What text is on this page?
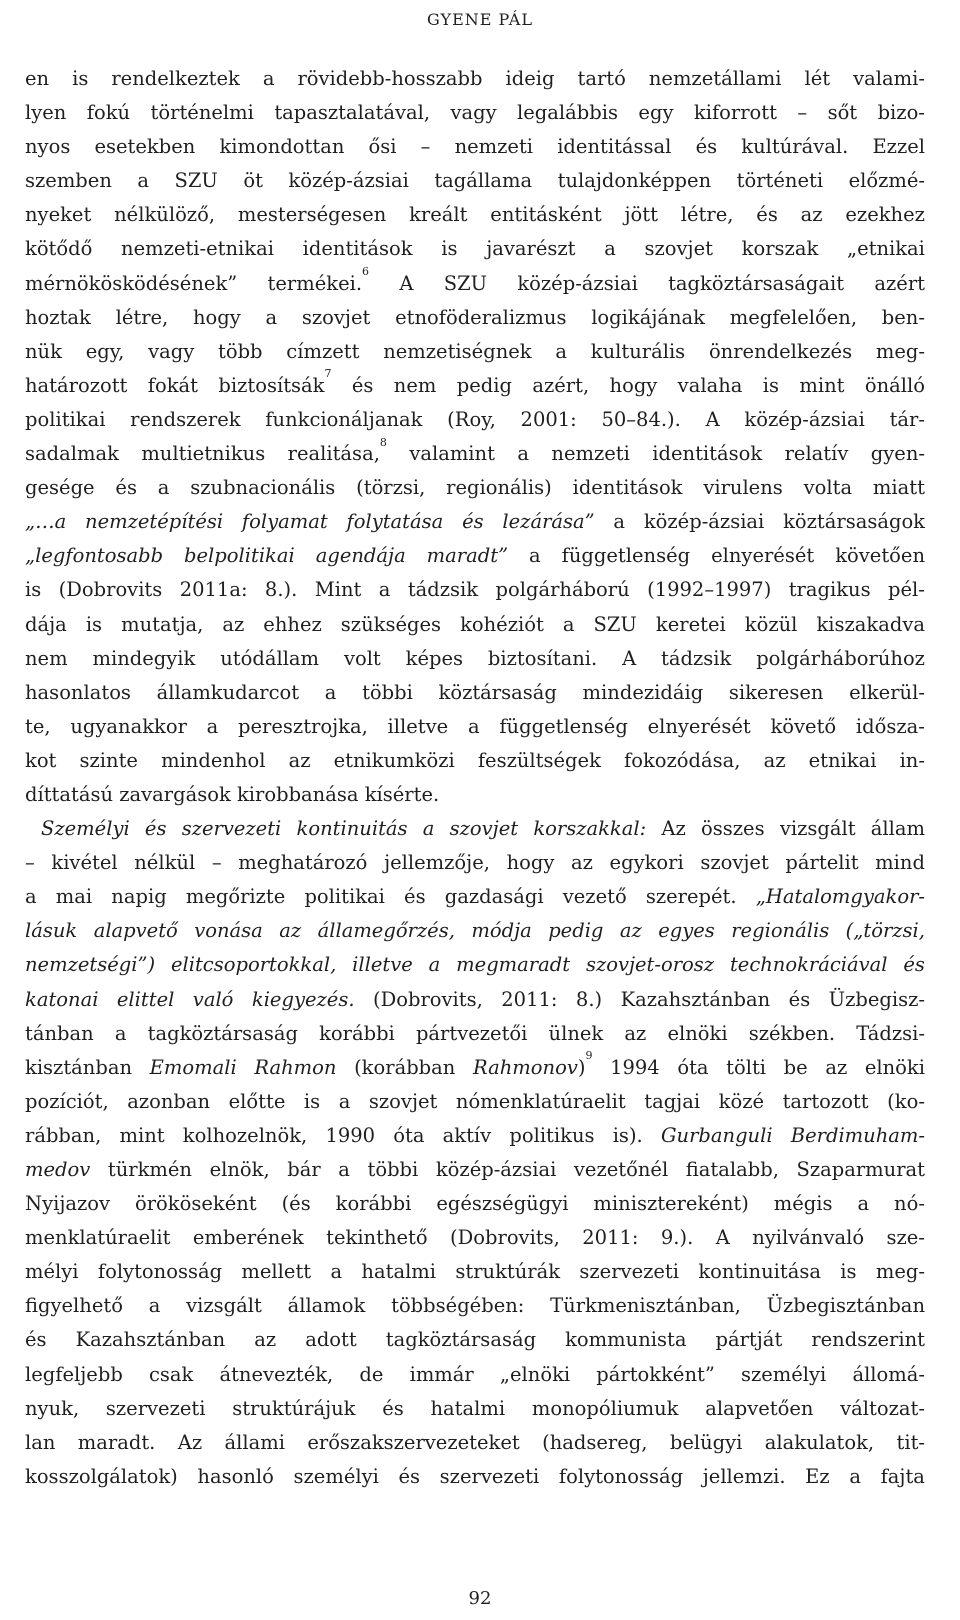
GYENE PÁL
en is rendelkeztek a rövidebb-hosszabb ideig tartó nemzetállami lét valami-
lyen fokú történelmi tapasztalatával, vagy legalábbis egy kiforrott – sőt bizo-
nyos esetekben kimondottan ősi – nemzeti identitással és kultúrával. Ezzel
szemben a SZU öt közép-ázsiai tagállama tulajdonképpen történeti előzmé-
nyeket nélkülöző, mesterségesen kreált entitásként jött létre, és az ezekhez
kötődő nemzeti-etnikai identitások is javarészt a szovjet korszak „etnikai
mérnökösködésének” termékei.$^6$ A SZU közép-ázsiai tagköztársaságait azért
hoztak létre, hogy a szovjet etnoföderalizmus logikájának megfelelően, ben-
nük egy, vagy több címzett nemzetiségnek a kulturális önrendelkezés meg-
határozott fokát biztosítsák$^7$ és nem pedig azért, hogy valaha is mint önálló
politikai rendszerek funkcionáljanak (Roy, 2001: 50–84.). A közép-ázsiai tár-
sadalmak multietnikus realitása,$^8$ valamint a nemzeti identitások relatív gyen-
gesége és a szubnacionális (törzsi, regionális) identitások virulens volta miatt
„…a nemzetépítési folyamat folytatása és lezárása” a közép-ázsiai köztársaságok
„legfontosabb belpolitikai agendája maradt” a függetlenség elnyerését követően
is (Dobrovits 2011a: 8.). Mint a tádzsik polgárháború (1992–1997) tragikus pél-
dája is mutatja, az ehhez szükséges kohéziót a SZU keretei közül kiszakadva
nem mindegyik utódállam volt képes biztosítani. A tádzsik polgárháborúhoz
hasonlatos államkudarcot a többi köztársaság mindezidáig sikeresen elkerül-
te, ugyanakkor a peresztrojka, illetve a függetlenség elnyerését követő idősza-
kot szinte mindenhol az etnikumközi feszültségek fokozódása, az etnikai in-
díttatású zavargások kirobbanása kísérte.
Személyi és szervezeti kontinuitás a szovjet korszakkal: Az összes vizsgált állam
– kivétel nélkül – meghatározó jellemzője, hogy az egykori szovjet pártelit mind
a mai napig megőrizte politikai és gazdasági vezető szerepét. „Hatalomgyakor-
lásuk alapvető vonása az államegőrzés, módja pedig az egyes regionális („törzsi,
nemzetségi”) elitcsoportokkal, illetve a megmaradt szovjet-orosz technokráciával és
katonai elittel való kiegyezés. (Dobrovits, 2011: 8.) Kazahsztánban és Üzbegisz-
tánban a tagköztársaság korábbi pártvezetői ülnek az elnöki székben. Tádzsi-
kisztánban Emomali Rahmon (korábban Rahmonov)$^9$ 1994 óta tölti be az elnöki
pozíciót, azonban előtte is a szovjet nómenklatúraelit tagjai közé tartozott (ko-
rábban, mint kolhozelnök, 1990 óta aktív politikus is). Gurbanguli Berdimuham-
medov türkmén elnök, bár a többi közép-ázsiai vezetőnél fiatalabb, Szaparmurat
Nyijazov örököseként (és korábbi egészségügyi minisztereként) mégis a nó-
menklatúraelit emberének tekinthető (Dobrovits, 2011: 9.). A nyilvánvaló sze-
mélyi folytonosság mellett a hatalmi struktúrák szervezeti kontinuitása is meg-
figyelhető a vizsgált államok többségében: Türkmenisztánban, Üzbegisztánban
és Kazahsztánban az adott tagköztársaság kommunista pártját rendszerint
legfeljebb csak átnevezték, de immár „elnöki pártokként” személyi állomá-
nyuk, szervezeti struktúrájuk és hatalmi monopóliumuk alapvetően változat-
lan maradt. Az állami erőszakszervezeteket (hadsereg, belügyi alakulatok, tit-
kosszolgálatok) hasonló személyi és szervezeti folytonosság jellemzi. Ez a fajta
92
